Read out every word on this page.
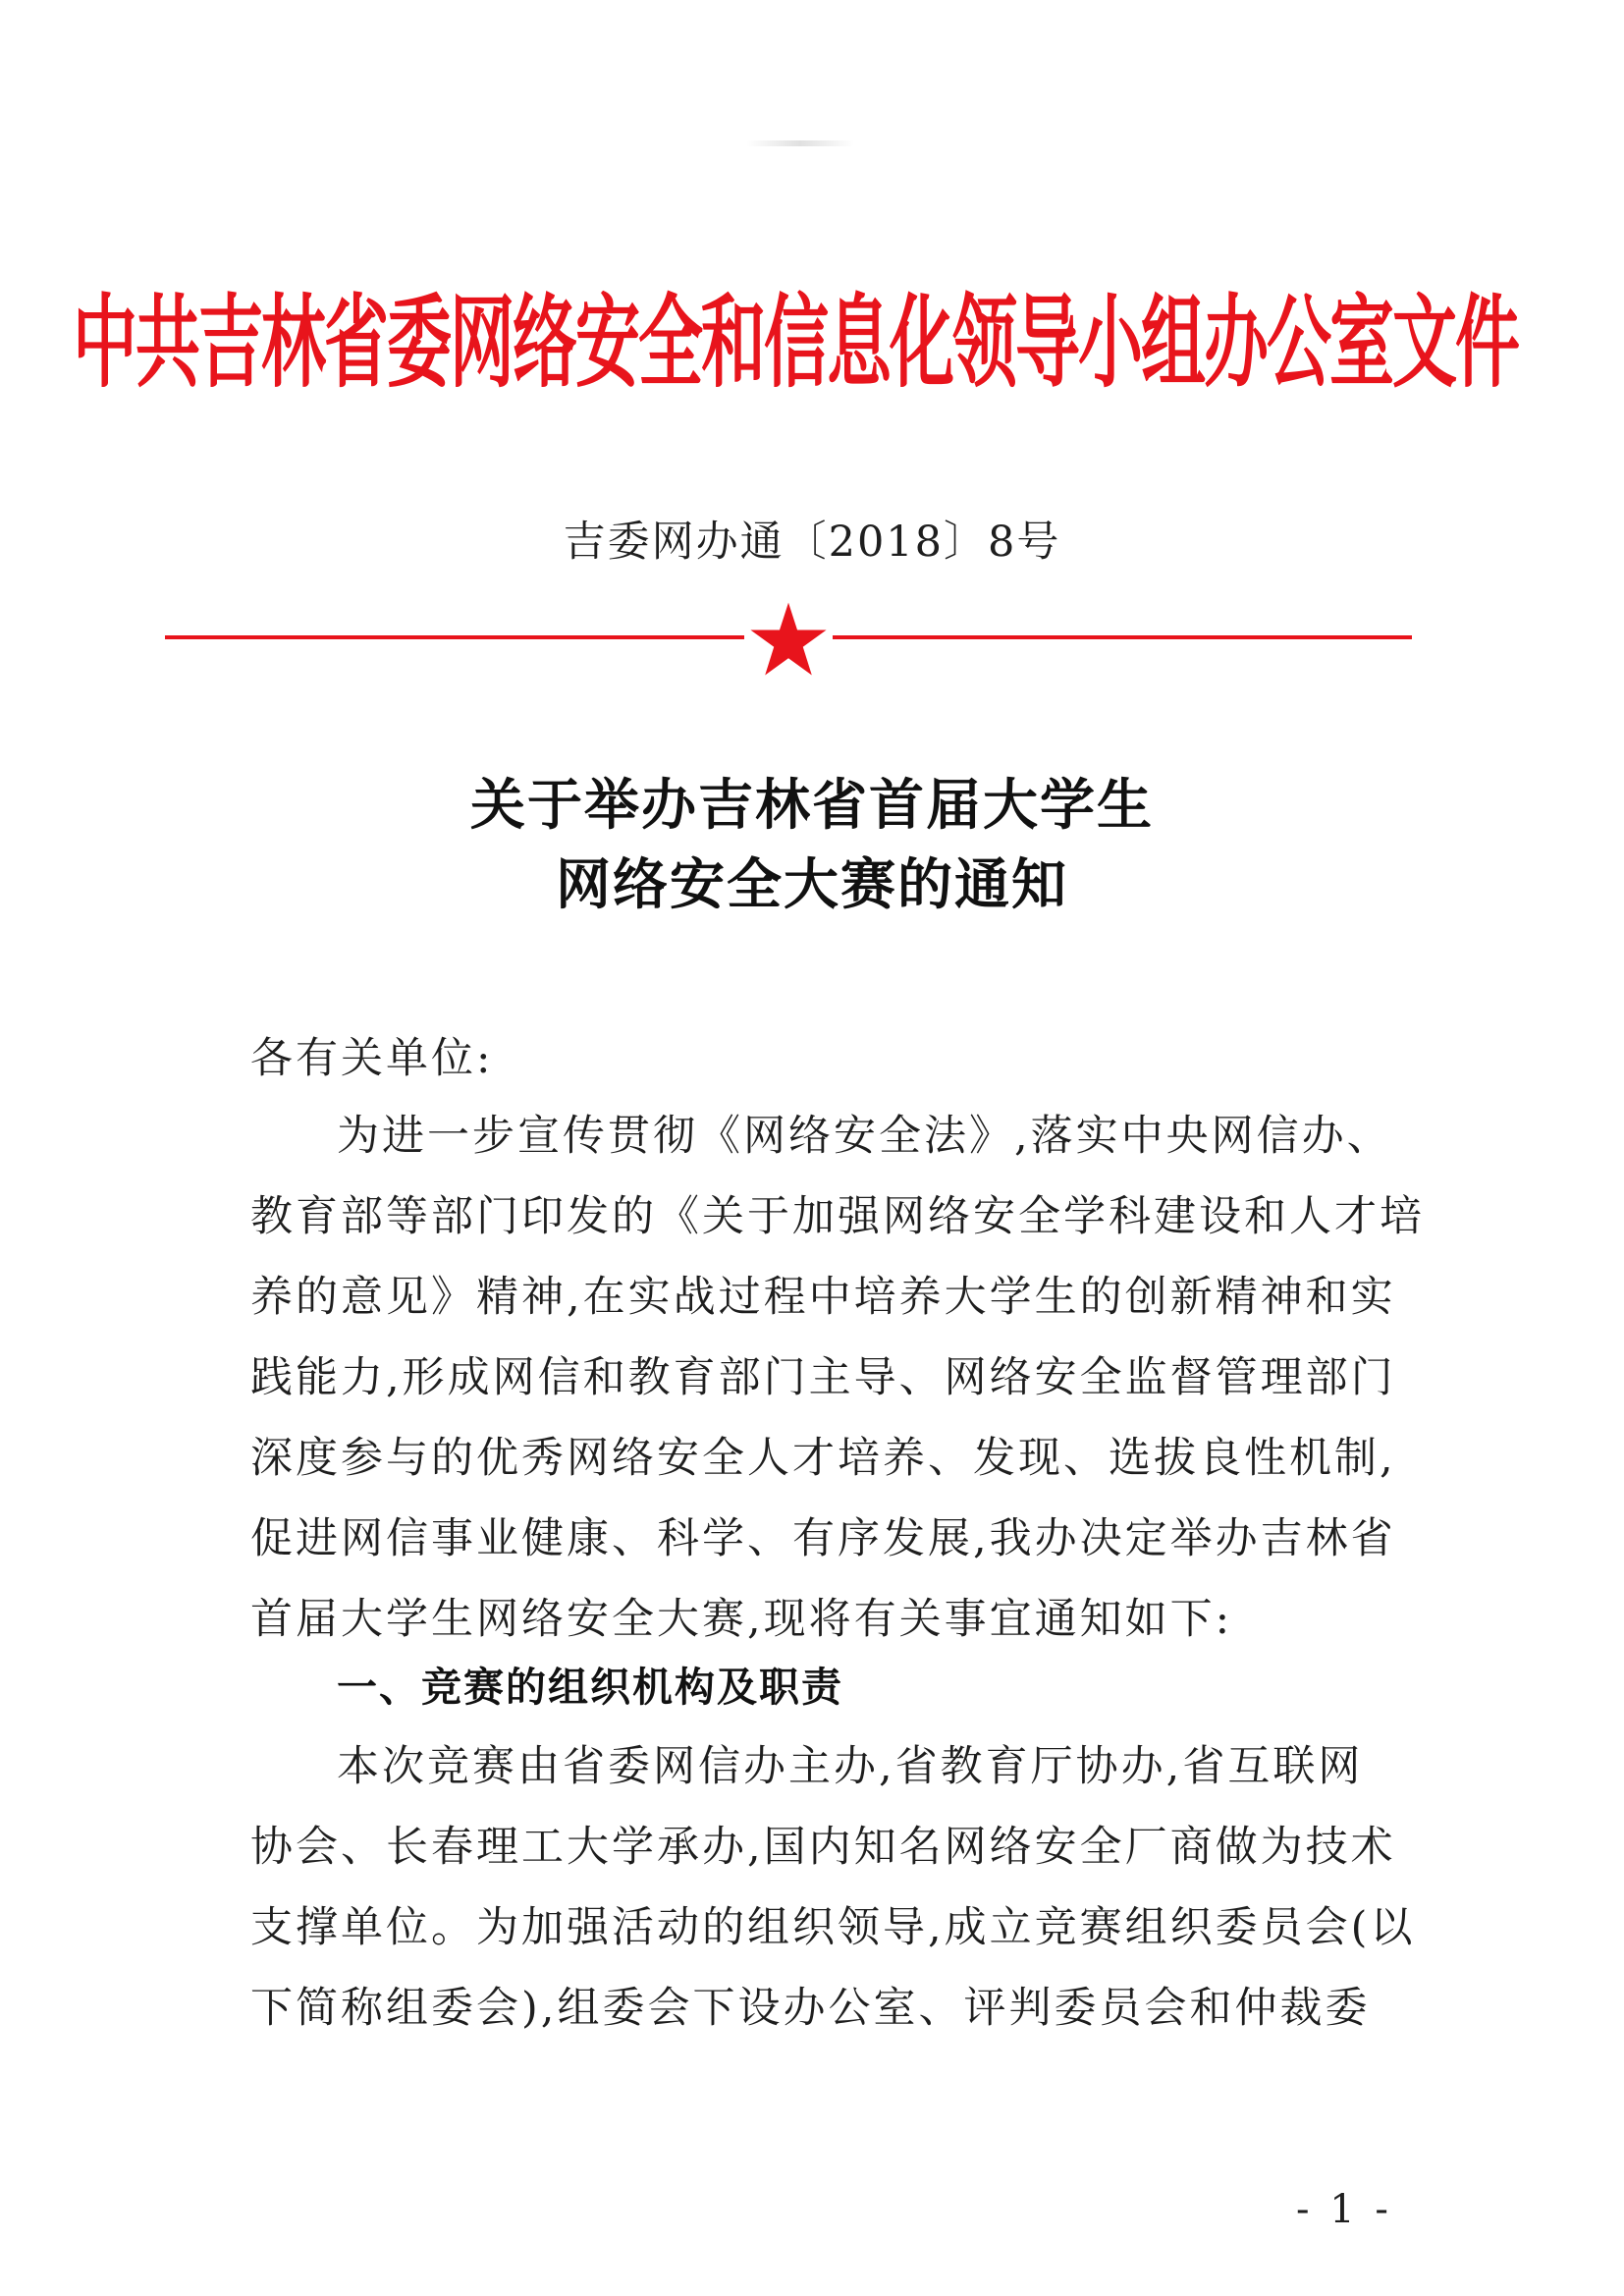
中共吉林省委网络安全和信息化领导小组办公室文件
吉委网办通〔2018〕8号
关于举办吉林省首届大学生
网络安全大赛的通知
各有关单位:
为进一步宣传贯彻《网络安全法》,落实中央网信办、
教育部等部门印发的《关于加强网络安全学科建设和人才培
养的意见》精神,在实战过程中培养大学生的创新精神和实
践能力,形成网信和教育部门主导、网络安全监督管理部门
深度参与的优秀网络安全人才培养、发现、选拔良性机制,
促进网信事业健康、科学、有序发展,我办决定举办吉林省
首届大学生网络安全大赛,现将有关事宜通知如下:
一、竞赛的组织机构及职责
本次竞赛由省委网信办主办,省教育厅协办,省互联网
协会、长春理工大学承办,国内知名网络安全厂商做为技术
支撑单位。为加强活动的组织领导,成立竞赛组织委员会(以
下简称组委会),组委会下设办公室、评判委员会和仲裁委
- 1 -
